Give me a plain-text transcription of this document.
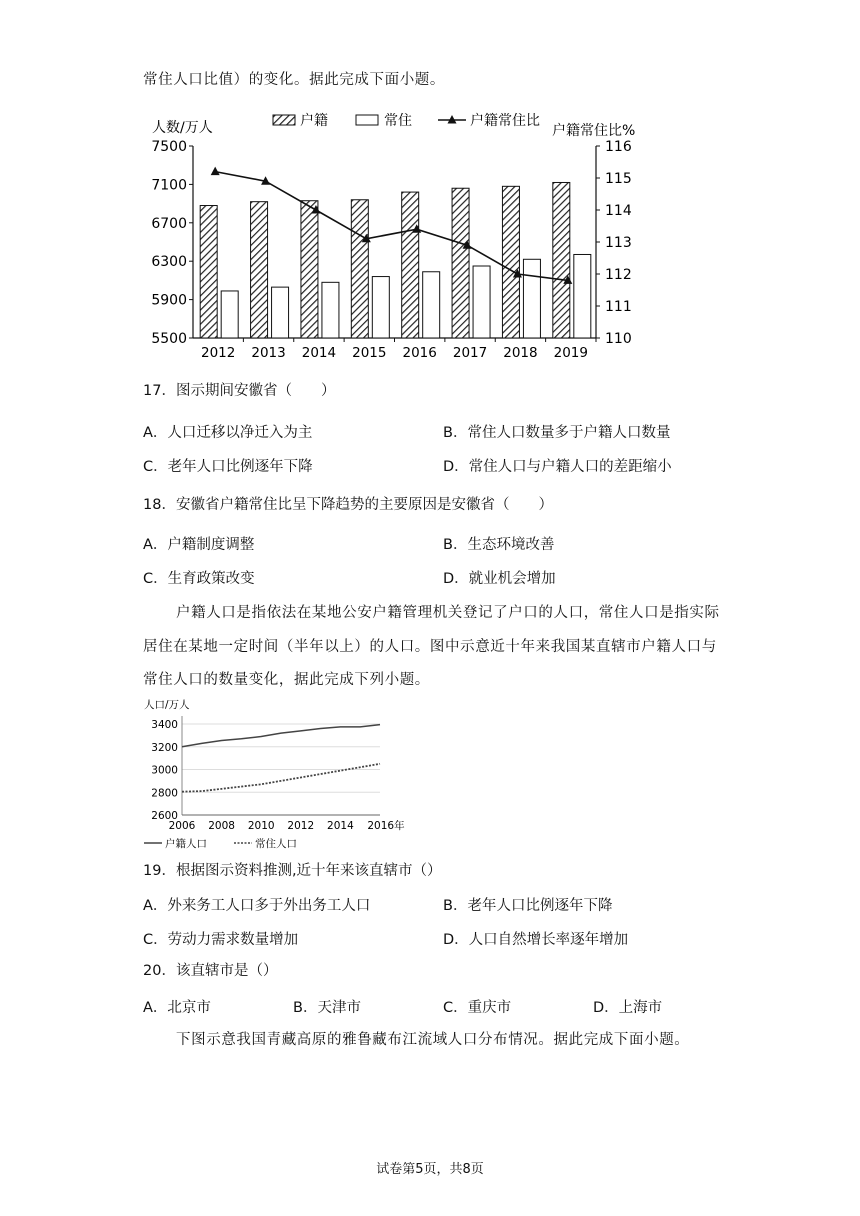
常住人口比值）的变化。据此完成下面小题。
7500
7100
6700
6300
5900
5500
116
115
114
113
112
111
110
2012 2013 2014 2015 2016 2017 2018 2019
人数/万人	户籍常住比%
户籍	常住	户籍常住比
17．图示期间安徽省（　　）
A．人口迁移以净迁入为主	B．常住人口数量多于户籍人口数量
C．老年人口比例逐年下降	D．常住人口与户籍人口的差距缩小
18．安徽省户籍常住比呈下降趋势的主要原因是安徽省（　　）
A．户籍制度调整	B．生态环境改善
C．生育政策改变	D．就业机会增加
户籍人口是指依法在某地公安户籍管理机关登记了户口的人口，常住人口是指实际
居住在某地一定时间（半年以上）的人口。图中示意近十年来我国某直辖市户籍人口与
常住人口的数量变化，据此完成下列小题。
3400
3200
3000
2800
2600
2006 2008 2010 2012 2014 2016年
人口/万人
户籍人口	常住人口
19．根据图示资料推测,近十年来该直辖市（）
A．外来务工人口多于外出务工人口	B．老年人口比例逐年下降
C．劳动力需求数量增加	D．人口自然增长率逐年增加
20．该直辖市是（）
A．北京市	B．天津市	C．重庆市	D．上海市
下图示意我国青藏高原的雅鲁藏布江流域人口分布情况。据此完成下面小题。
试卷第5页，共8页
